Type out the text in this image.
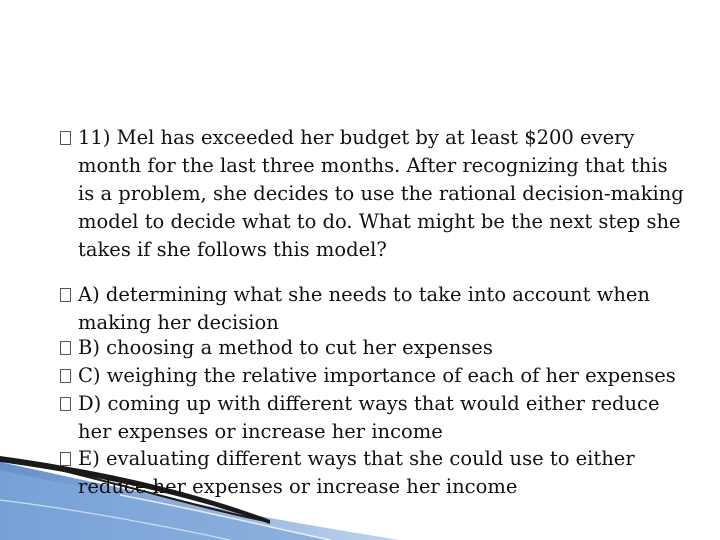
11) Mel has exceeded her budget by at least $200 every month for the last three months. After recognizing that this is a problem, she decides to use the rational decision-making model to decide what to do. What might be the next step she takes if she follows this model?
A) determining what she needs to take into account when making her decision
B) choosing a method to cut her expenses
C) weighing the relative importance of each of her expenses
D) coming up with different ways that would either reduce her expenses or increase her income
E) evaluating different ways that she could use to either reduce her expenses or increase her income
